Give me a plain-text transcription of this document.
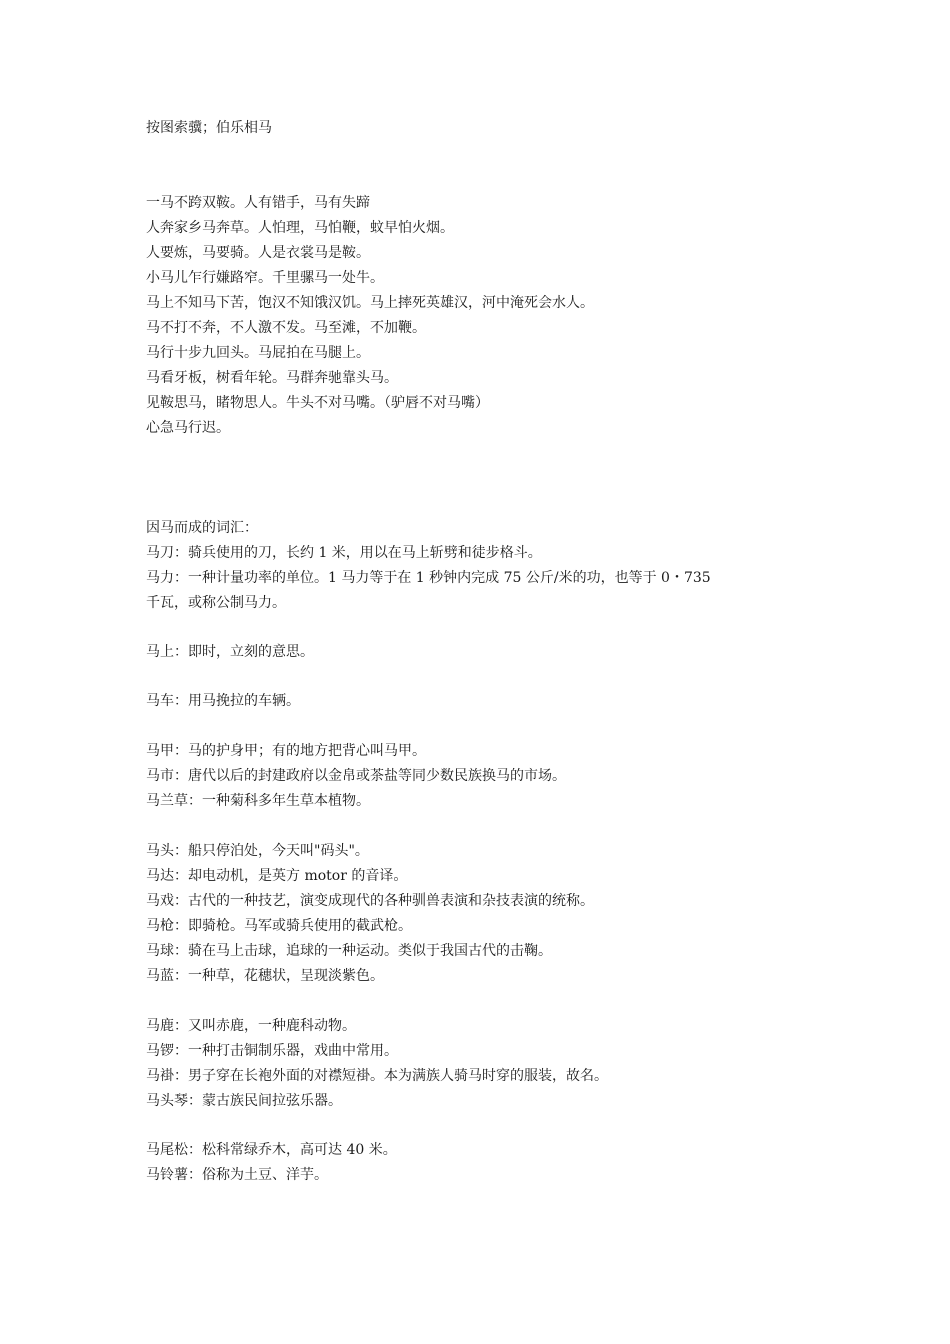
按图索骥；伯乐相马
一马不跨双鞍。人有错手，马有失蹄
人奔家乡马奔草。人怕理，马怕鞭，蚊早怕火烟。
人要炼，马要骑。人是衣裳马是鞍。
小马儿乍行嫌路窄。千里骡马一处牛。
马上不知马下苦，饱汉不知饿汉饥。马上摔死英雄汉，河中淹死会水人。
马不打不奔，不人激不发。马至滩，不加鞭。
马行十步九回头。马屁拍在马腿上。
马看牙板，树看年轮。马群奔驰靠头马。
见鞍思马，睹物思人。牛头不对马嘴。（驴唇不对马嘴）
心急马行迟。
因马而成的词汇：
马刀：骑兵使用的刀，长约 1 米，用以在马上斩劈和徒步格斗。
马力：一种计量功率的单位。1 马力等于在 1 秒钟内完成 75 公斤/米的功，也等于 0・735
千瓦，或称公制马力。
马上：即时，立刻的意思。
马车：用马挽拉的车辆。
马甲：马的护身甲；有的地方把背心叫马甲。
马市：唐代以后的封建政府以金帛或茶盐等同少数民族换马的市场。
马兰草：一种菊科多年生草本植物。
马头：船只停泊处，今天叫"码头"。
马达：却电动机，是英方 motor 的音译。
马戏：古代的一种技艺，演变成现代的各种驯兽表演和杂技表演的统称。
马枪：即骑枪。马军或骑兵使用的截武枪。
马球：骑在马上击球，追球的一种运动。类似于我国古代的击鞠。
马蓝：一种草，花穗状，呈现淡紫色。
马鹿：又叫赤鹿，一种鹿科动物。
马锣：一种打击铜制乐器，戏曲中常用。
马褂：男子穿在长袍外面的对襟短褂。本为满族人骑马时穿的服装，故名。
马头琴：蒙古族民间拉弦乐器。
马尾松：松科常绿乔木，高可达 40 米。
马铃薯：俗称为土豆、洋芋。
